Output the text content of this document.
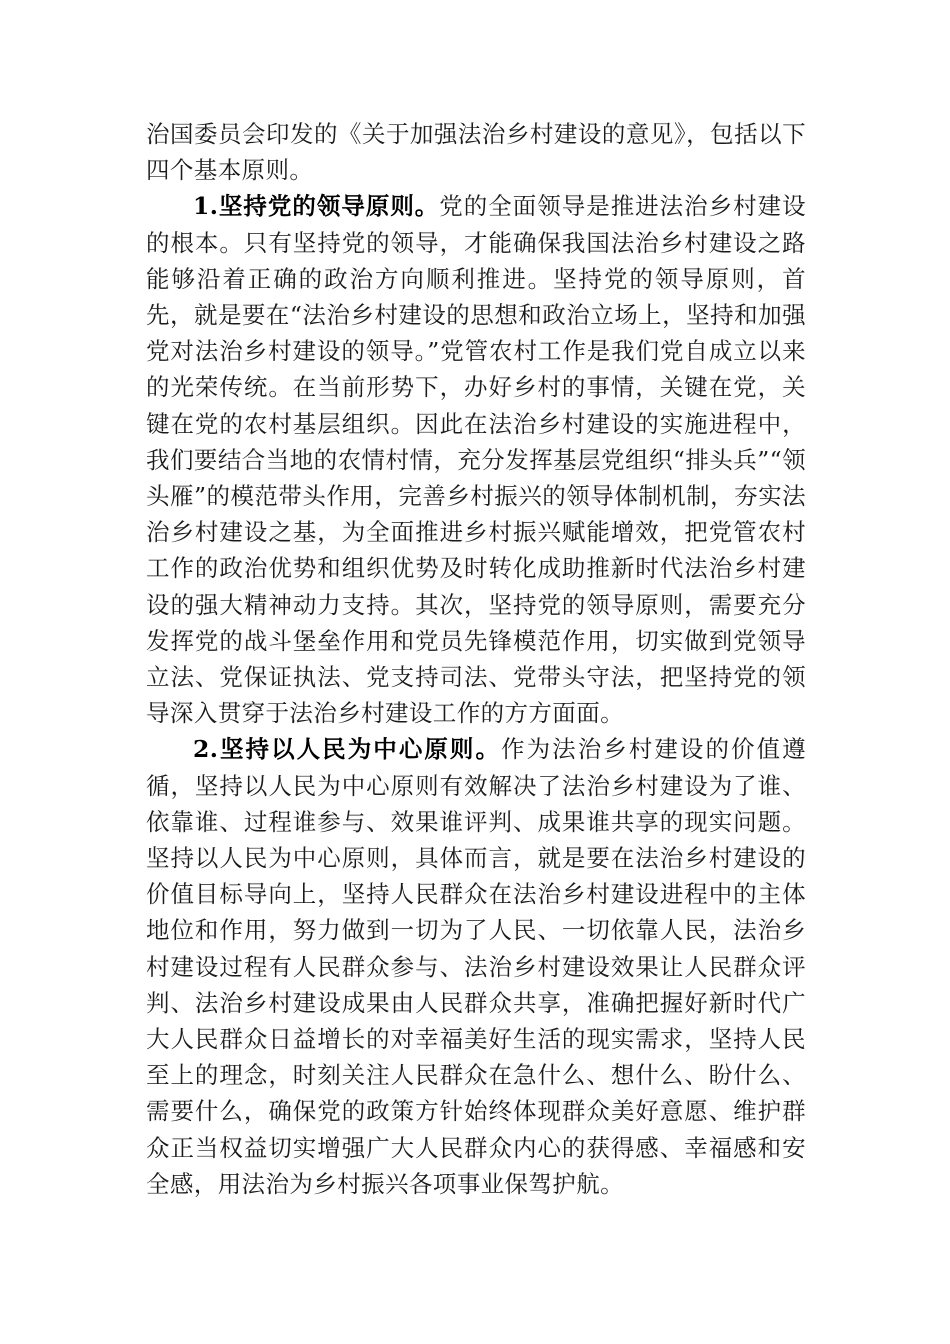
治国委员会印发的《关于加强法治乡村建设的意见》，包括以下四个基本原则。

1.坚持党的领导原则。党的全面领导是推进法治乡村建设的根本。只有坚持党的领导，才能确保我国法治乡村建设之路能够沿着正确的政治方向顺利推进。坚持党的领导原则，首先，就是要在“法治乡村建设的思想和政治立场上，坚持和加强党对法治乡村建设的领导。”党管农村工作是我们党自成立以来的光荣传统。在当前形势下，办好乡村的事情，关键在党，关键在党的农村基层组织。因此在法治乡村建设的实施进程中，我们要结合当地的农情村情，充分发挥基层党组织“排头兵”“领头雁”的模范带头作用，完善乡村振兴的领导体制机制，夯实法治乡村建设之基，为全面推进乡村振兴赋能增效，把党管农村工作的政治优势和组织优势及时转化成助推新时代法治乡村建设的强大精神动力支持。其次，坚持党的领导原则，需要充分发挥党的战斗堡垒作用和党员先锋模范作用，切实做到党领导立法、党保证执法、党支持司法、党带头守法，把坚持党的领导深入贯穿于法治乡村建设工作的方方面面。

2.坚持以人民为中心原则。作为法治乡村建设的价值遵循，坚持以人民为中心原则有效解决了法治乡村建设为了谁、依靠谁、过程谁参与、效果谁评判、成果谁共享的现实问题。坚持以人民为中心原则，具体而言，就是要在法治乡村建设的价值目标导向上，坚持人民群众在法治乡村建设进程中的主体地位和作用，努力做到一切为了人民、一切依靠人民，法治乡村建设过程有人民群众参与、法治乡村建设效果让人民群众评判、法治乡村建设成果由人民群众共享，准确把握好新时代广大人民群众日益增长的对幸福美好生活的现实需求，坚持人民至上的理念，时刻关注人民群众在急什么、想什么、盼什么、需要什么，确保党的政策方针始终体现群众美好意愿、维护群众正当权益切实增强广大人民群众内心的获得感、幸福感和安全感，用法治为乡村振兴各项事业保驾护航。
